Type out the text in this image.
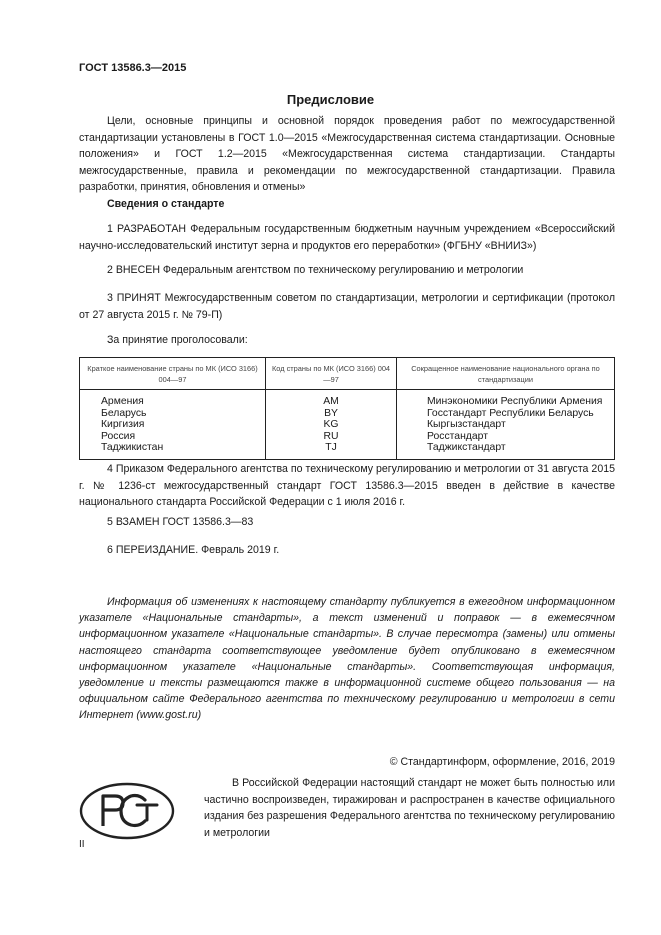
ГОСТ 13586.3—2015
Предисловие

Цели, основные принципы и основной порядок проведения работ по межгосударственной стандартизации установлены в ГОСТ 1.0—2015 «Межгосударственная система стандартизации. Основные положения» и ГОСТ 1.2—2015 «Межгосударственная система стандартизации. Стандарты межгосударственные, правила и рекомендации по межгосударственной стандартизации. Правила разработки, принятия, обновления и отмены»

Сведения о стандарте

1 РАЗРАБОТАН Федеральным государственным бюджетным научным учреждением «Всероссийский научно-исследовательский институт зерна и продуктов его переработки» (ФГБНУ «ВНИИЗ»)

2 ВНЕСЕН Федеральным агентством по техническому регулированию и метрологии

3 ПРИНЯТ Межгосударственным советом по стандартизации, метрологии и сертификации (протокол от 27 августа 2015 г. № 79-П)

За принятие проголосовали:
Краткое наименование страны по МК (ИСО 3166) 004—97	Код страны по МК (ИСО 3166) 004—97	Сокращенное наименование национального органа по стандартизации
Армения	AM	Минэкономики Республики Армения
Беларусь	BY	Госстандарт Республики Беларусь
Киргизия	KG	Кыргызстандарт
Россия	RU	Росстандарт
Таджикистан	TJ	Таджикстандарт

4 Приказом Федерального агентства по техническому регулированию и метрологии от 31 августа 2015 г. № 1236-ст межгосударственный стандарт ГОСТ 13586.3—2015 введен в действие в качестве национального стандарта Российской Федерации с 1 июля 2016 г.

5 ВЗАМЕН ГОСТ 13586.3—83

6 ПЕРЕИЗДАНИЕ. Февраль 2019 г.

Информация об изменениях к настоящему стандарту публикуется в ежегодном информационном указателе «Национальные стандарты», а текст изменений и поправок — в ежемесячном информационном указателе «Национальные стандарты». В случае пересмотра (замены) или отмены настоящего стандарта соответствующее уведомление будет опубликовано в ежемесячном информационном указателе «Национальные стандарты». Соответствующая информация, уведомление и тексты размещаются также в информационной системе общего пользования — на официальном сайте Федерального агентства по техническому регулированию и метрологии в сети Интернет (www.gost.ru)

© Стандартинформ, оформление, 2016, 2019

В Российской Федерации настоящий стандарт не может быть полностью или частично воспроизведен, тиражирован и распространен в качестве официального издания без разрешения Федерального агентства по техническому регулированию и метрологии

РСТ
II
